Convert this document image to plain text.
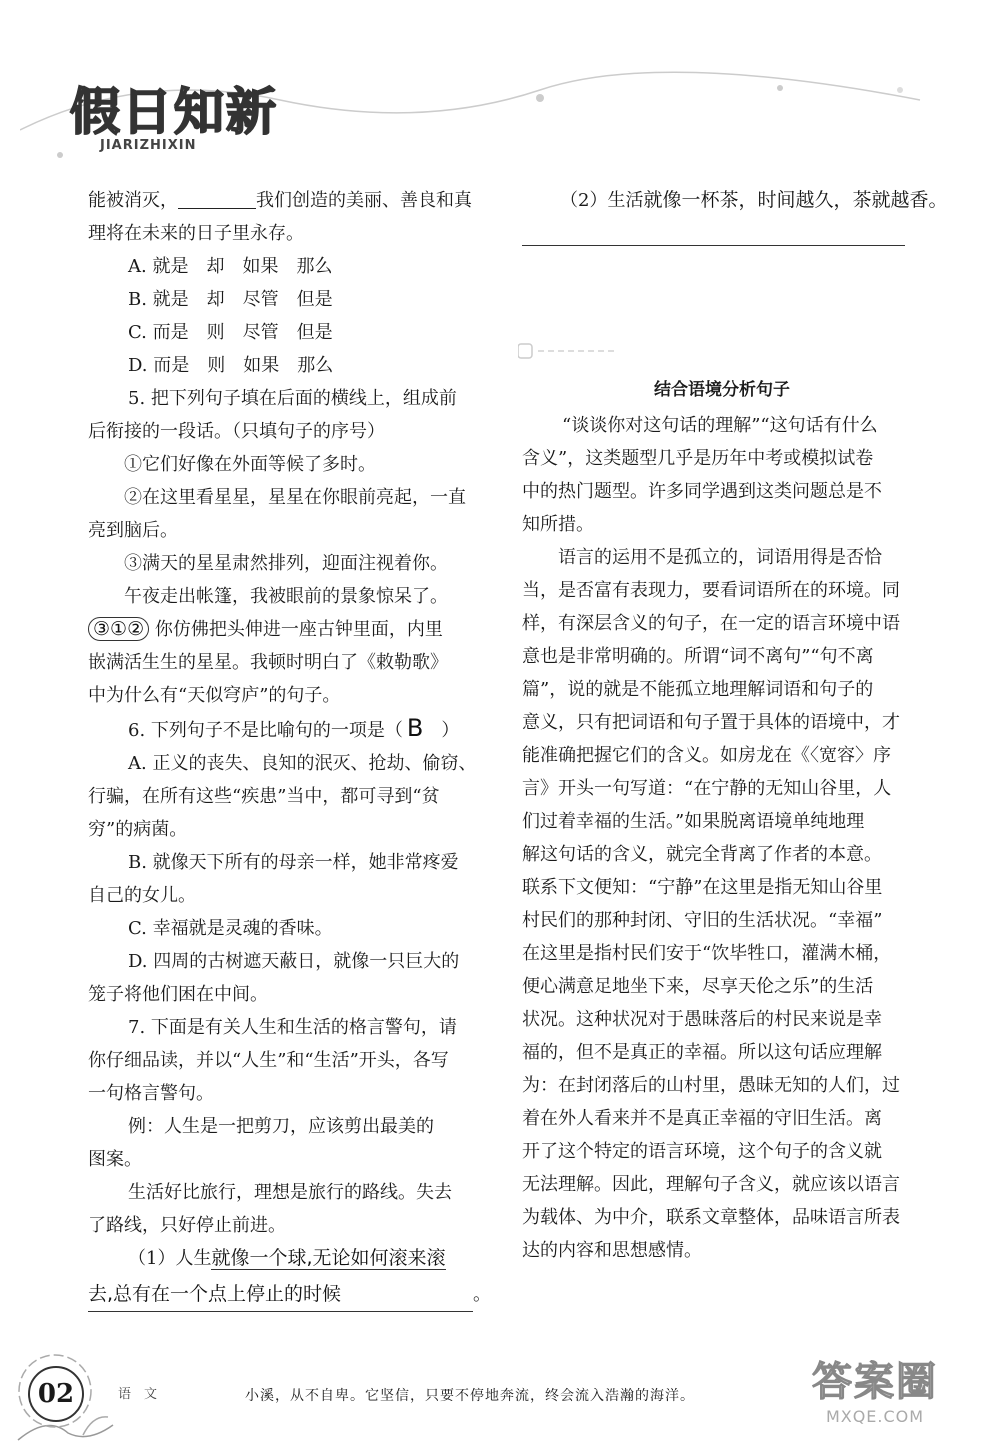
假日知新
JIARIZHIXIN
能被消灭，	我们创造的美丽、善良和真
理将在未来的日子里永存。
A. 就是　却　如果　那么
B. 就是　却　尽管　但是
C. 而是　则　尽管　但是
D. 而是　则　如果　那么
5. 把下列句子填在后面的横线上，组成前
后衔接的一段话。（只填句子的序号）
①它们好像在外面等候了多时。
②在这里看星星，星星在你眼前亮起，一直
亮到脑后。
③满天的星星肃然排列，迎面注视着你。
午夜走出帐篷，我被眼前的景象惊呆了。
③①② 你仿佛把头伸进一座古钟里面，内里
嵌满活生生的星星。我顿时明白了《敕勒歌》
中为什么有“天似穹庐”的句子。
6. 下列句子不是比喻句的一项是（ B ）
A. 正义的丧失、良知的泯灭、抢劫、偷窃、
行骗，在所有这些“疾患”当中，都可寻到“贫
穷”的病菌。
B. 就像天下所有的母亲一样，她非常疼爱
自己的女儿。
C. 幸福就是灵魂的香味。
D. 四周的古树遮天蔽日，就像一只巨大的
笼子将他们困在中间。
7. 下面是有关人生和生活的格言警句，请
你仔细品读，并以“人生”和“生活”开头，各写
一句格言警句。
例：人生是一把剪刀，应该剪出最美的
图案。
生活好比旅行，理想是旅行的路线。失去
了路线，只好停止前进。
（1）人生就像一个球,无论如何滚来滚
去,总有在一个点上停止的时候	。
（2）生活就像一杯茶，时间越久，茶就越香。
结合语境分析句子
“谈谈你对这句话的理解”“这句话有什么
含义”，这类题型几乎是历年中考或模拟试卷
中的热门题型。许多同学遇到这类问题总是不
知所措。
语言的运用不是孤立的，词语用得是否恰
当，是否富有表现力，要看词语所在的环境。同
样，有深层含义的句子，在一定的语言环境中语
意也是非常明确的。所谓“词不离句”“句不离
篇”，说的就是不能孤立地理解词语和句子的
意义，只有把词语和句子置于具体的语境中，才
能准确把握它们的含义。如房龙在《〈宽容〉序
言》开头一句写道：“在宁静的无知山谷里，人
们过着幸福的生活。”如果脱离语境单纯地理
解这句话的含义，就完全背离了作者的本意。
联系下文便知：“宁静”在这里是指无知山谷里
村民们的那种封闭、守旧的生活状况。“幸福”
在这里是指村民们安于“饮毕牲口，灌满木桶，
便心满意足地坐下来，尽享天伦之乐”的生活
状况。这种状况对于愚昧落后的村民来说是幸
福的，但不是真正的幸福。所以这句话应理解
为：在封闭落后的山村里，愚昧无知的人们，过
着在外人看来并不是真正幸福的守旧生活。离
开了这个特定的语言环境，这个句子的含义就
无法理解。因此，理解句子含义，就应该以语言
为载体、为中介，联系文章整体，品味语言所表
达的内容和思想感情。
02	语　文	小溪，从不自卑。它坚信，只要不停地奔流，终会流入浩瀚的海洋。	答案圈
MXQE.COM
